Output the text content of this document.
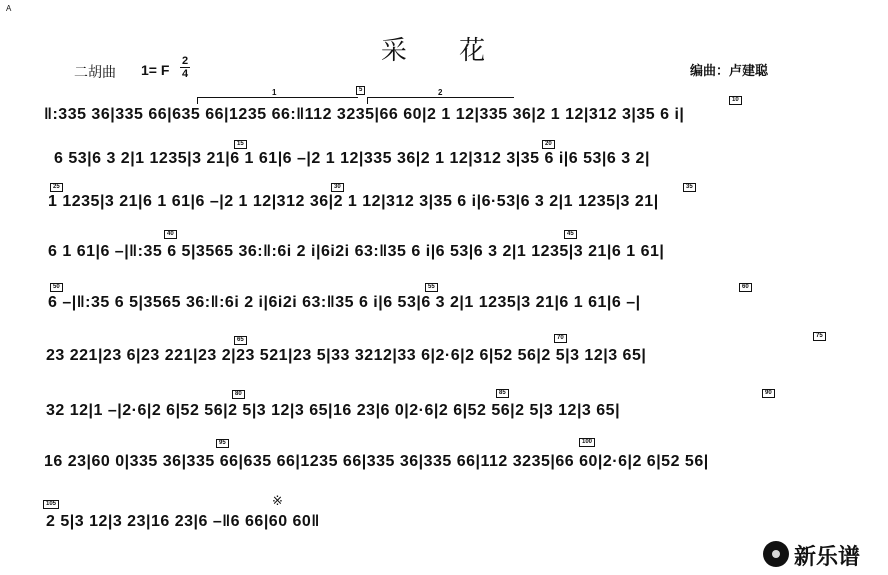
A
采 花
二胡曲 1= F
2
4	编曲：卢建聪
1	2
5
10
15	20
25	30	35
40	45
50	55	60
65	70	75
80	85	90
95	100
105	※
‖:335 36|335 66|635 66|1235 66:‖112 3235|66 60|2 1 12|335 36|2 1 12|312 3|35 6 i|
6 53|6 3 2|1 1235|3 21|6 1 61|6 –|2 1 12|335 36|2 1 12|312 3|35 6 i|6 53|6 3 2|
1 1235|3 21|6 1 61|6 –|2 1 12|312 36|2 1 12|312 3|35 6 i|6·53|6 3 2|1 1235|3 21|
6 1 61|6 –|‖:35 6 5|3565 36:‖:6i 2 i|6i2i 63:‖35 6 i|6 53|6 3 2|1 1235|3 21|6 1 61|
6 –|‖:35 6 5|3565 36:‖:6i 2 i|6i2i 63:‖35 6 i|6 53|6 3 2|1 1235|3 21|6 1 61|6 –|
23 221|23 6|23 221|23 2|23 521|23 5|33 3212|33 6|2·6|2 6|52 56|2 5|3 12|3 65|
32 12|1 –|2·6|2 6|52 56|2 5|3 12|3 65|16 23|6 0|2·6|2 6|52 56|2 5|3 12|3 65|
16 23|60 0|335 36|335 66|635 66|1235 66|335 36|335 66|112 3235|66 60|2·6|2 6|52 56|
2 5|3 12|3 23|16 23|6 –‖6 66|60 60‖
新乐谱
